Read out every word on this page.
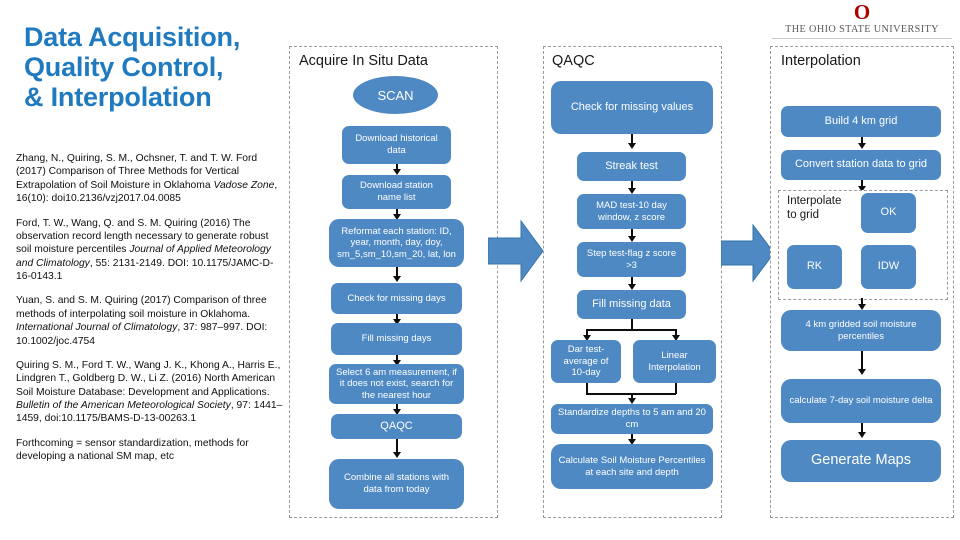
Data Acquisition,
Quality Control,
& Interpolation

Zhang, N., Quiring, S. M., Ochsner, T. and T. W. Ford (2017) Comparison of Three Methods for Vertical Extrapolation of Soil Moisture in Oklahoma Vadose Zone, 16(10): doi10.2136/vzj2017.04.0085

Ford, T. W., Wang, Q. and S. M. Quiring (2016) The observation record length necessary to generate robust soil moisture percentiles Journal of Applied Meteorology and Climatology, 55: 2131-2149. DOI: 10.1175/JAMC-D-16-0143.1

Yuan, S. and S. M. Quiring (2017) Comparison of three methods of interpolating soil moisture in Oklahoma. International Journal of Climatology, 37: 987–997. DOI: 10.1002/joc.4754

Quiring S. M., Ford T. W., Wang J. K., Khong A., Harris E., Lindgren T., Goldberg D. W., Li Z. (2016) North American Soil Moisture Database: Development and Applications. Bulletin of the American Meteorological Society, 97: 1441–1459, doi:10.1175/BAMS-D-13-00263.1

Forthcoming = sensor standardization, methods for developing a national SM map, etc

O
THE OHIO STATE UNIVERSITY
Acquire In Situ Data
SCAN
Download historical data
Download station name list
Reformat each station: ID, year, month, day, doy, sm_5,sm_10,sm_20, lat, lon
Check for missing days
Fill missing days
Select 6 am measurement, if it does not exist, search for the nearest hour
QAQC
Combine all stations with data from today
QAQC
Check for missing values
Streak test
MAD test-10 day window, z score
Step test-flag z score >3
Fill missing data
Dar test-average of 10-day
Linear Interpolation
Standardize depths to 5 am and 20 cm
Calculate Soil Moisture Percentiles at each site and depth
Interpolation
Build 4 km grid
Convert station data to grid
Interpolate to grid	OK
RK	IDW
4 km gridded soil moisture percentiles
calculate 7-day soil moisture delta
Generate Maps
